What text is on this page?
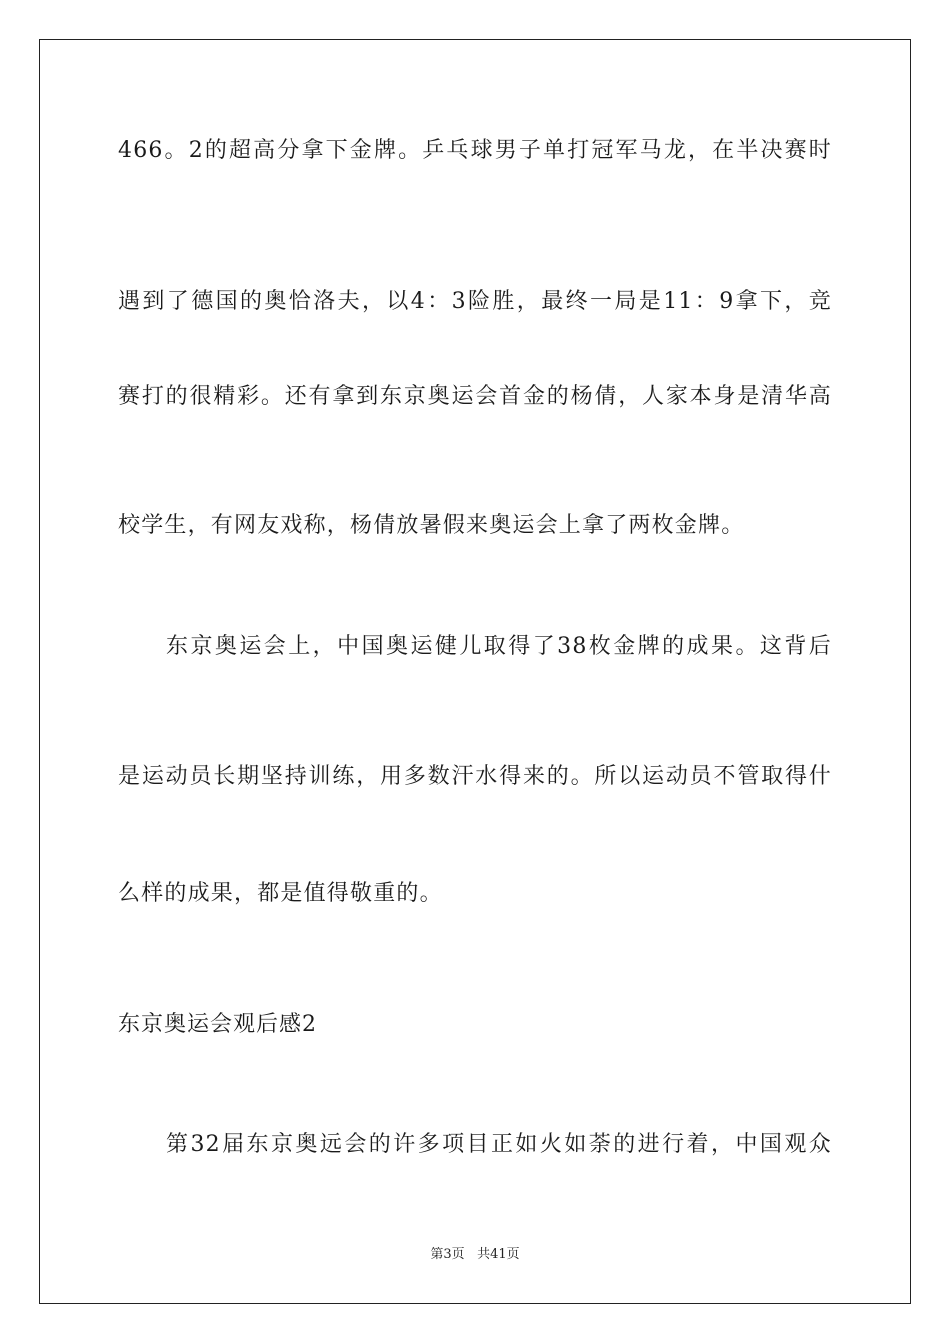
466。2的超高分拿下金牌。乒乓球男子单打冠军马龙，在半决赛时
遇到了德国的奥恰洛夫，以4：3险胜，最终一局是11：9拿下，竞
赛打的很精彩。还有拿到东京奥运会首金的杨倩，人家本身是清华高
校学生，有网友戏称，杨倩放暑假来奥运会上拿了两枚金牌。
东京奥运会上，中国奥运健儿取得了38枚金牌的成果。这背后
是运动员长期坚持训练，用多数汗水得来的。所以运动员不管取得什
么样的成果，都是值得敬重的。
东京奥运会观后感2
第32届东京奥远会的许多项目正如火如荼的进行着，中国观众
第3页 共41页
